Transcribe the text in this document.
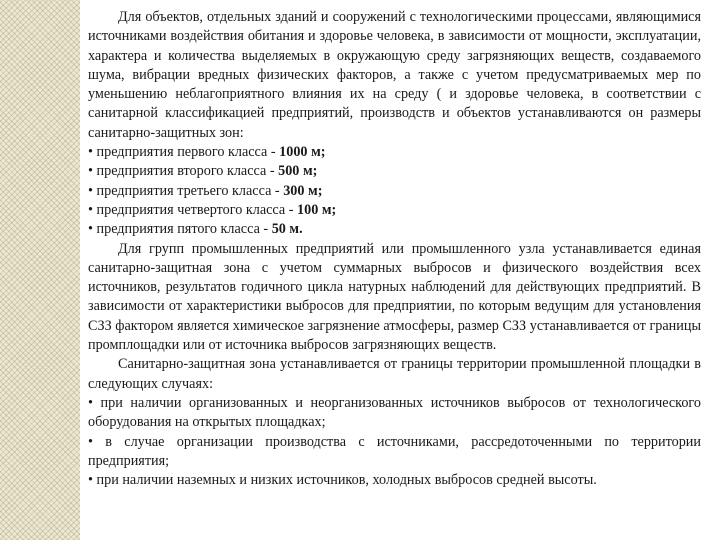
Для объектов, отдельных зданий и сооружений с технологическими процессами, являющимися источниками воздействия обитания и здоровье человека, в зависимости от мощности, эксплуатации, характера и количества выделяемых в окружающую среду загрязняющих веществ, создаваемого шума, вибрации вредных физических факторов, а также с учетом предусматриваемых мер по уменьшению неблагоприятного влияния их на среду ( и здоровье человека, в соответствии с санитарной классификацией предприятий, производств и объектов устанавливаются он размеры санитарно-защитных зон:

• предприятия первого класса - 1000 м;

• предприятия второго класса - 500 м;

• предприятия третьего класса - 300 м;

• предприятия четвертого класса - 100 м;

• предприятия пятого класса - 50 м.

Для групп промышленных предприятий или промышленного узла устанавливается единая санитарно-защитная зона с учетом суммарных выбросов и физического воздействия всех источников, результатов годичного цикла натурных наблюдений для действующих предприятий. В зависимости от характеристики выбросов для предприятии, по которым ведущим для установления СЗЗ фактором является химическое загрязнение атмосферы, размер СЗЗ устанавливается от границы промплощадки или от источника выбросов загрязняющих веществ.

Санитарно-защитная зона устанавливается от границы территории промышленной площадки в следующих случаях:

• при наличии организованных и неорганизованных источников выбросов от технологического оборудования на открытых площадках;

• в случае организации производства с источниками, рассредоточенными по территории предприятия;

• при наличии наземных и низких источников, холодных выбросов средней высоты.
